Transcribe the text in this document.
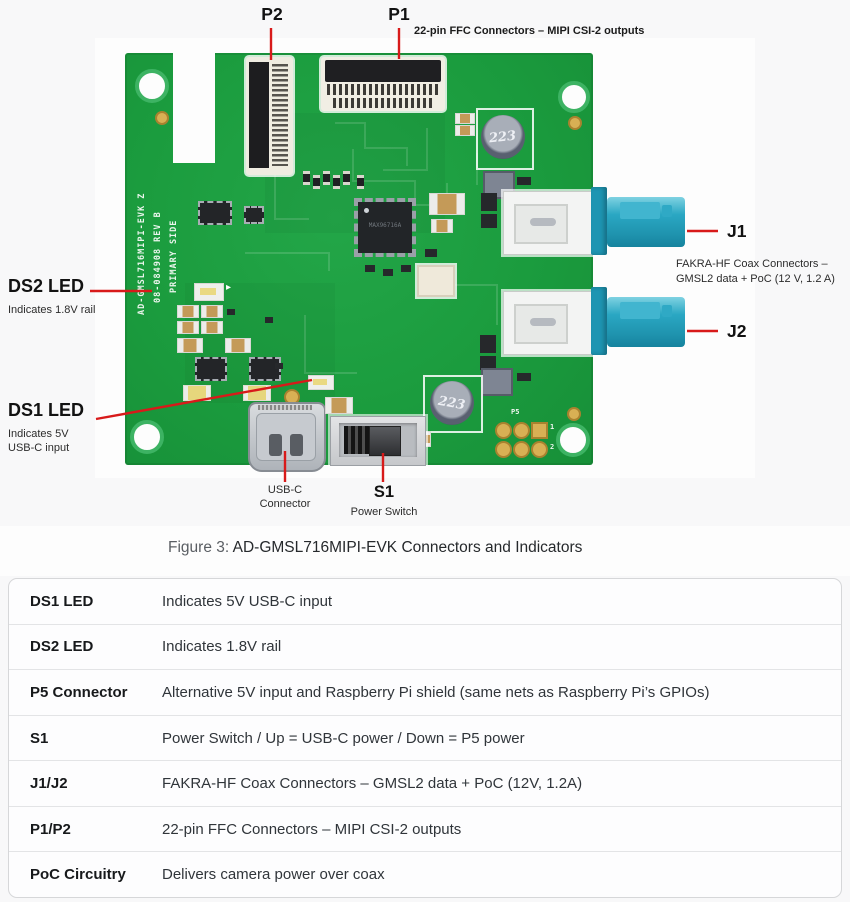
AD-GMSL716MIPI-EVK Z 08-084908 REV B PRIMARY SIDE
223
MAX96716A
▸
223	P5
1
2
P2	P1
22-pin FFC Connectors – MIPI CSI-2 outputs
J1
FAKRA-HF Coax Connectors –
GMSL2 data + PoC (12 V, 1.2 A)
J2
DS2 LED
Indicates 1.8V rail
DS1 LED
Indicates 5V
USB-C input
USB-C
Connector
S1
Power Switch
Figure 3: AD-GMSL716MIPI-EVK Connectors and Indicators
DS1 LED	Indicates 5V USB-C input
DS2 LED	Indicates 1.8V rail
P5 Connector	Alternative 5V input and Raspberry Pi shield (same nets as Raspberry Pi’s GPIOs)
S1	Power Switch / Up = USB-C power / Down = P5 power
J1/J2	FAKRA-HF Coax Connectors – GMSL2 data + PoC (12V, 1.2A)
P1/P2	22-pin FFC Connectors – MIPI CSI-2 outputs
PoC Circuitry	Delivers camera power over coax
